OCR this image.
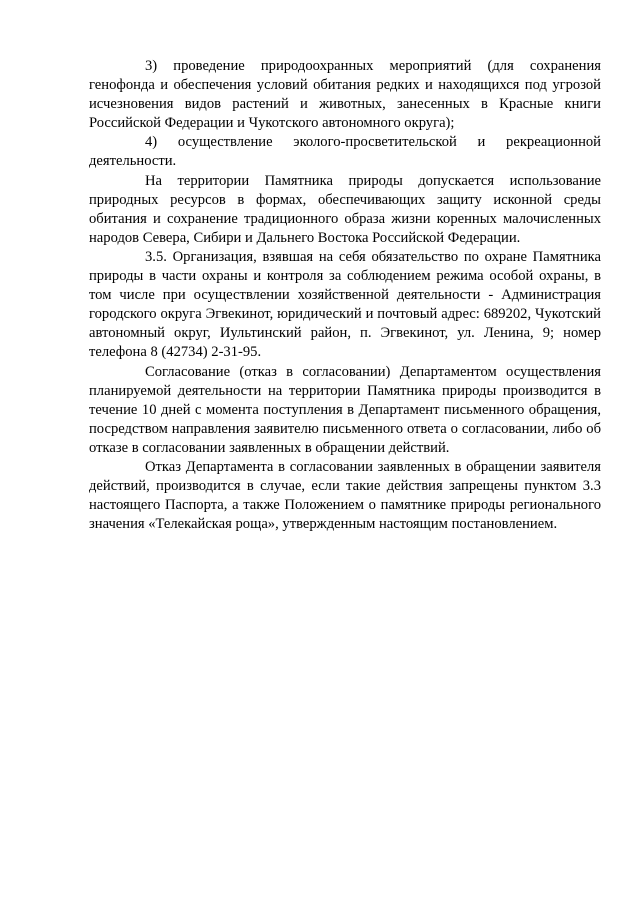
3) проведение природоохранных мероприятий (для сохранения генофонда и обеспечения условий обитания редких и находящихся под угрозой исчезновения видов растений и животных, занесенных в Красные книги Российской Федерации и Чукотского автономного округа);

4) осуществление эколого-просветительской и рекреационной деятельности.

На территории Памятника природы допускается использование природных ресурсов в формах, обеспечивающих защиту исконной среды обитания и сохранение традиционного образа жизни коренных малочисленных народов Севера, Сибири и Дальнего Востока Российской Федерации.

3.5. Организация, взявшая на себя обязательство по охране Памятника природы в части охраны и контроля за соблюдением режима особой охраны, в том числе при осуществлении хозяйственной деятельности - Администрация городского округа Эгвекинот, юридический и почтовый адрес: 689202, Чукотский автономный округ, Иультинский район, п. Эгвекинот, ул. Ленина, 9; номер телефона 8 (42734) 2-31-95.

Согласование (отказ в согласовании) Департаментом осуществления планируемой деятельности на территории Памятника природы производится в течение 10 дней с момента поступления в Департамент письменного обращения, посредством направления заявителю письменного ответа о согласовании, либо об отказе в согласовании заявленных в обращении действий.

Отказ Департамента в согласовании заявленных в обращении заявителя действий, производится в случае, если такие действия запрещены пунктом 3.3 настоящего Паспорта, а также Положением о памятнике природы регионального значения «Телекайская роща», утвержденным настоящим постановлением.
